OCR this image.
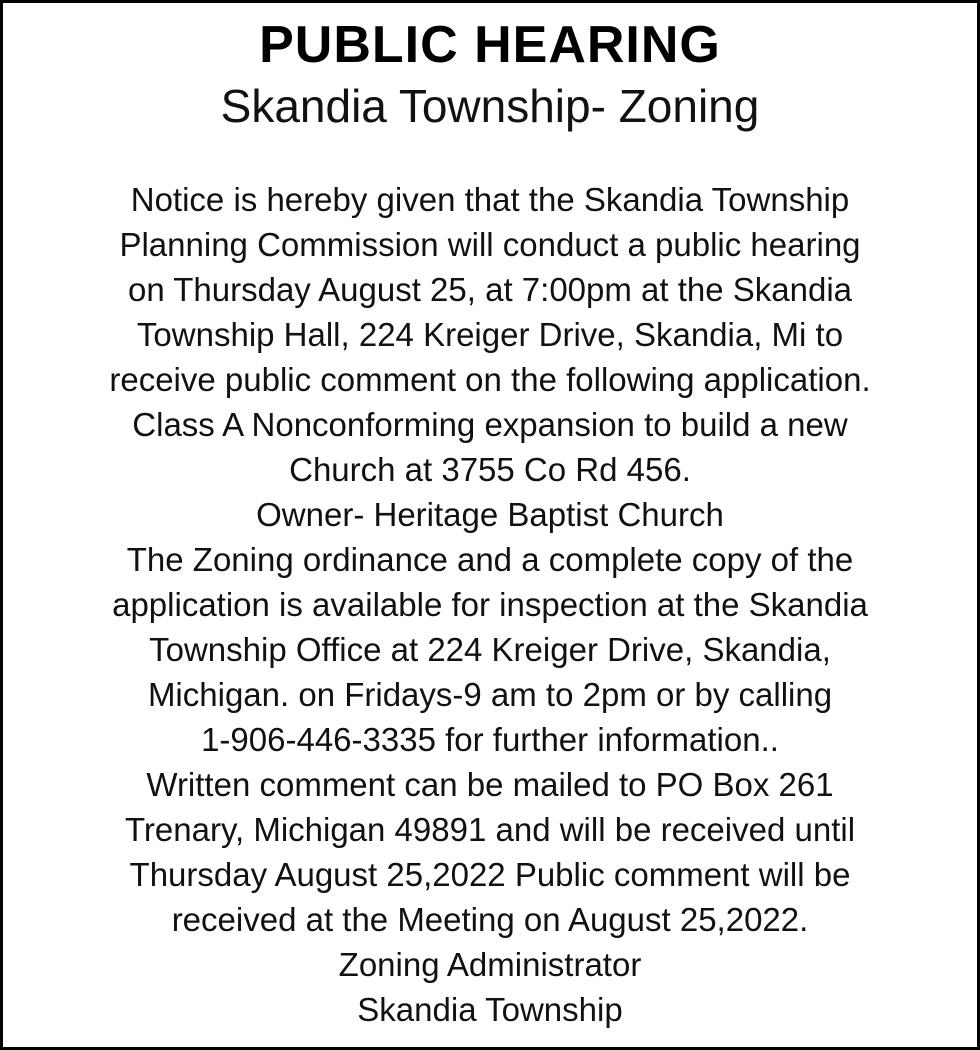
PUBLIC HEARING
Skandia Township- Zoning
Notice is hereby given that the Skandia Township
Planning Commission will conduct a public hearing
on Thursday August 25, at 7:00pm at the Skandia
Township Hall, 224 Kreiger Drive, Skandia, Mi to
receive public comment on the following application.
Class A Nonconforming expansion to build a new
Church at 3755 Co Rd 456.
Owner- Heritage Baptist Church
The Zoning ordinance and a complete copy of the
application is available for inspection at the Skandia
Township Office at 224 Kreiger Drive, Skandia,
Michigan. on Fridays-9 am to 2pm or by calling
1-906-446-3335 for further information..
Written comment can be mailed to PO Box 261
Trenary, Michigan 49891 and will be received until
Thursday August 25,2022 Public comment will be
received at the Meeting on August 25,2022.
Zoning Administrator
Skandia Township
